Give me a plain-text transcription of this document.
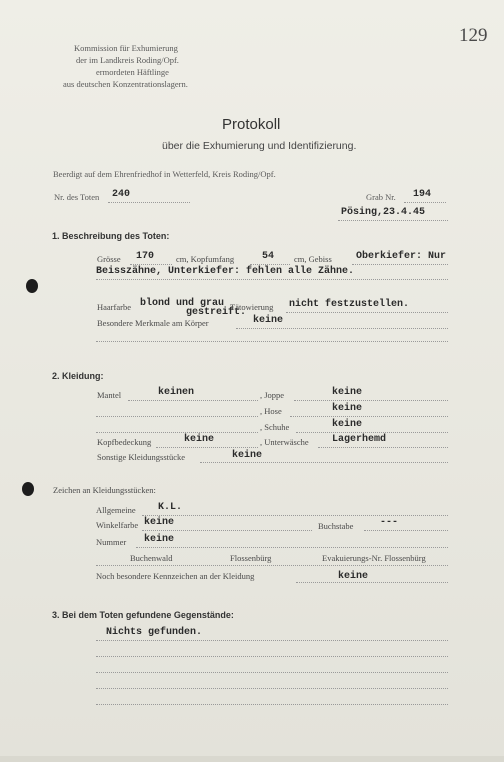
129
Kommission für Exhumierung
der im Landkreis Roding/Opf.
ermordeten Häftlinge
aus deutschen Konzentrationslagern.
Protokoll
über die Exhumierung und Identifizierung.
Beerdigt auf dem Ehrenfriedhof in Wetterfeld, Kreis Roding/Opf.
Nr. des Toten 240	Grab Nr. 194
Pösing,23.4.45
1. Beschreibung des Toten:
Grösse 170	cm, Kopfumfang	54 cm, Gebiss Oberkiefer: Nur
Beisszähne, Unterkiefer: fehlen alle Zähne.
Haarfarbe blond und grau
gestreift.
Tätowierung nicht festzustellen.
Besondere Merkmale am Körper	keine
2. Kleidung:
Mantel	keinen	, Joppe	keine
, Hose	keine
, Schuhe	keine
Kopfbedeckung	keine	, Unterwäsche Lagerhemd
Sonstige Kleidungsstücke	keine
Zeichen an Kleidungsstücken:
Allgemeine K.L.
Winkelfarbe keine	Buchstabe	---
Nummer keine
Buchenwald	Flossenbürg	Evakuierungs-Nr. Flossenbürg
Noch besondere Kennzeichen an der Kleidung	keine
3. Bei dem Toten gefundene Gegenstände:
Nichts gefunden.
